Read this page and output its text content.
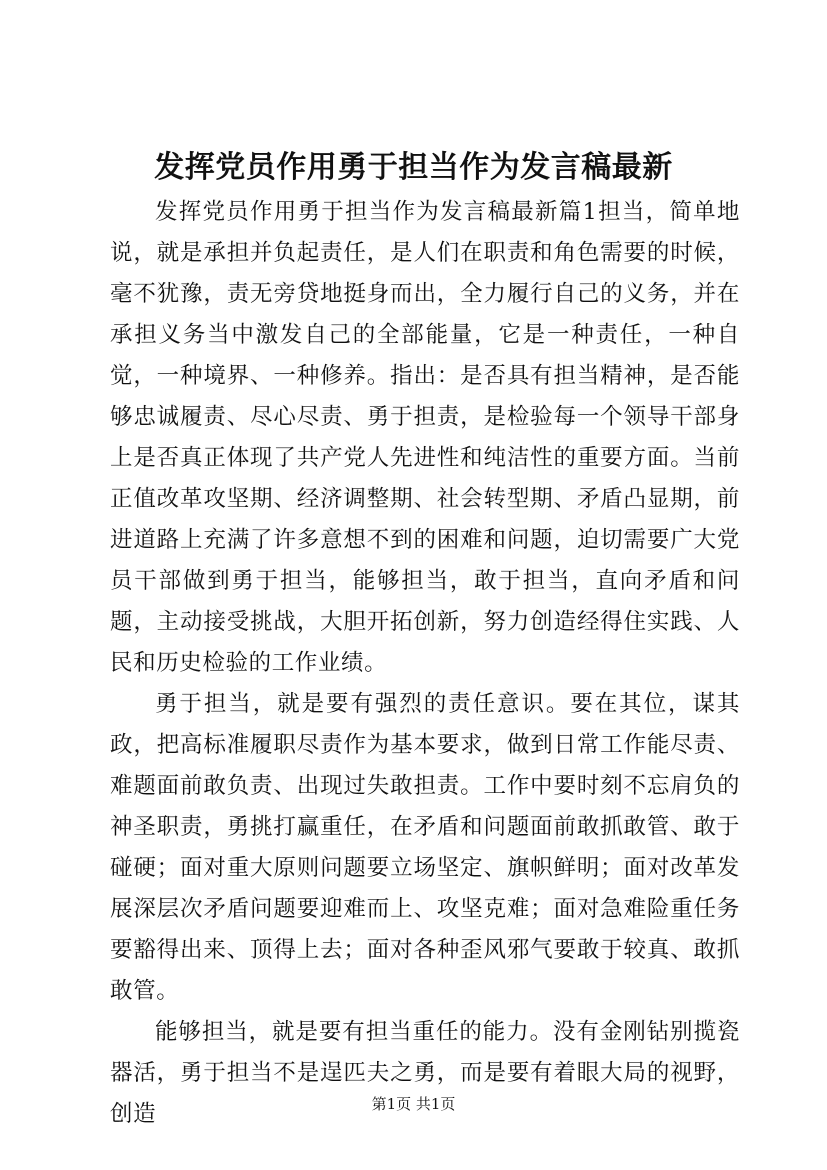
发挥党员作用勇于担当作为发言稿最新

发挥党员作用勇于担当作为发言稿最新篇1担当，简单地说，就是承担并负起责任，是人们在职责和角色需要的时候，毫不犹豫，责无旁贷地挺身而出，全力履行自己的义务，并在承担义务当中激发自己的全部能量，它是一种责任，一种自觉，一种境界、一种修养。指出：是否具有担当精神，是否能够忠诚履责、尽心尽责、勇于担责，是检验每一个领导干部身上是否真正体现了共产党人先进性和纯洁性的重要方面。当前正值改革攻坚期、经济调整期、社会转型期、矛盾凸显期，前进道路上充满了许多意想不到的困难和问题，迫切需要广大党员干部做到勇于担当，能够担当，敢于担当，直向矛盾和问题，主动接受挑战，大胆开拓创新，努力创造经得住实践、人民和历史检验的工作业绩。

勇于担当，就是要有强烈的责任意识。要在其位，谋其政，把高标准履职尽责作为基本要求，做到日常工作能尽责、难题面前敢负责、出现过失敢担责。工作中要时刻不忘肩负的神圣职责，勇挑打赢重任，在矛盾和问题面前敢抓敢管、敢于碰硬；面对重大原则问题要立场坚定、旗帜鲜明；面对改革发展深层次矛盾问题要迎难而上、攻坚克难；面对急难险重任务要豁得出来、顶得上去；面对各种歪风邪气要敢于较真、敢抓敢管。

能够担当，就是要有担当重任的能力。没有金刚钻别揽瓷器活，勇于担当不是逞匹夫之勇，而是要有着眼大局的视野，创造	第1页 共1页
